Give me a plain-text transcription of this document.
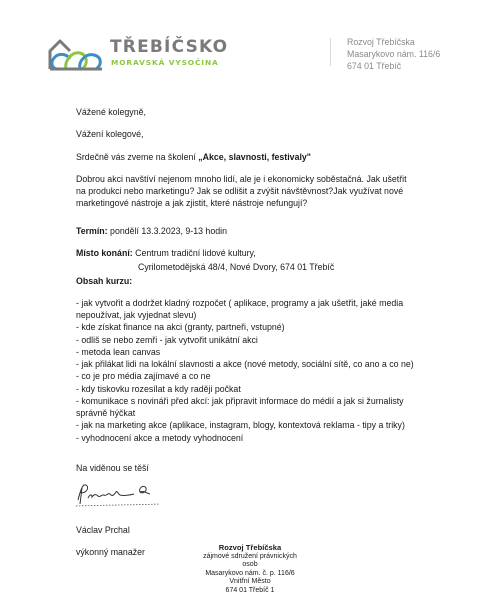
TŘEBÍČSKO
MORAVSKÁ VYSOČINA
Rozvoj Třebíčska
Masarykovo nám. 116/6
674 01 Třebíč
Vážené kolegyně,
Vážení kolegové,
Srdečně vás zveme na školení „Akce, slavnosti, festivaly"
Dobrou akci navštíví nejenom mnoho lidí, ale je i ekonomicky soběstačná. Jak ušetřit
na produkci nebo marketingu? Jak se odlišit a zvýšit návštěvnost?Jak využívat nové
marketingové nástroje a jak zjistit, které nástroje nefungují?
Termín: pondělí 13.3.2023, 9-13 hodin
Místo konání: Centrum tradiční lidové kultury,
Cyrilometodějská 48/4, Nové Dvory, 674 01 Třebíč
Obsah kurzu:
- jak vytvořit a dodržet kladný rozpočet ( aplikace, programy a jak ušetřit, jaké media
nepoužívat, jak vyjednat slevu)
- kde získat finance na akci (granty, partneři, vstupné)
- odliš se nebo zemři - jak vytvořit unikátní akci
- metoda lean canvas
- jak přilákat lidi na lokální slavnosti a akce (nové metody, sociální sítě, co ano a co ne)
- co je pro média zajímavé a co ne
- kdy tiskovku rozesílat a kdy raději počkat
- komunikace s novináři před akcí: jak připravit informace do médií a jak si žurnalisty
správně hýčkat
- jak na marketing akce (aplikace, instagram, blogy, kontextová reklama - tipy a triky)
- vyhodnocení akce a metody vyhodnocení
Na viděnou se těší
Václav Prchal
výkonný manažer	Rozvoj Třebíčska
zájmové sdružení právnických osob
Masarykovo nám. č. p. 116/6
Vnitřní Město
674 01 Třebíč 1
